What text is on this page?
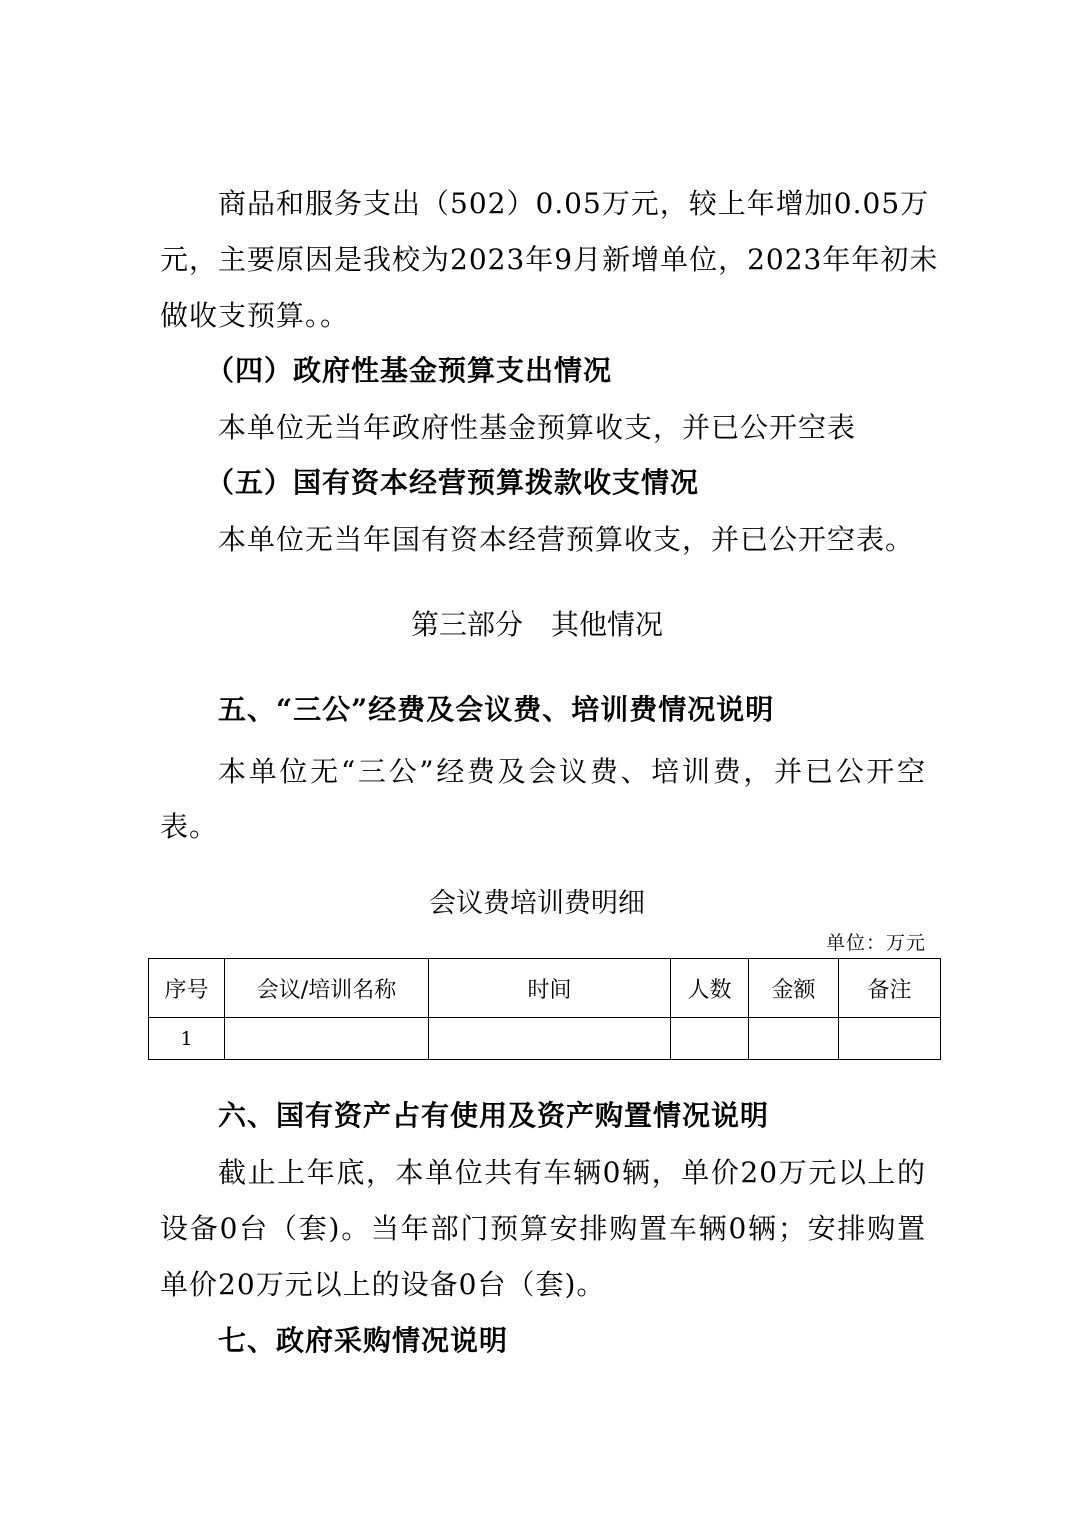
商品和服务支出（502）0.05万元，较上年增加0.05万
元，主要原因是我校为2023年9月新增单位，2023年年初未
做收支预算。。
（四）政府性基金预算支出情况
本单位无当年政府性基金预算收支，并已公开空表
（五）国有资本经营预算拨款收支情况
本单位无当年国有资本经营预算收支，并已公开空表。
第三部分　其他情况
五、“三公”经费及会议费、培训费情况说明
本单位无“三公”经费及会议费、培训费，并已公开空
表。
会议费培训费明细
单位：万元
序号	会议/培训名称	时间	人数	金额	备注
1					
六、国有资产占有使用及资产购置情况说明
截止上年底，本单位共有车辆0辆，单价20万元以上的
设备0台（套)。当年部门预算安排购置车辆0辆；安排购置
单价20万元以上的设备0台（套)。
七、政府采购情况说明
